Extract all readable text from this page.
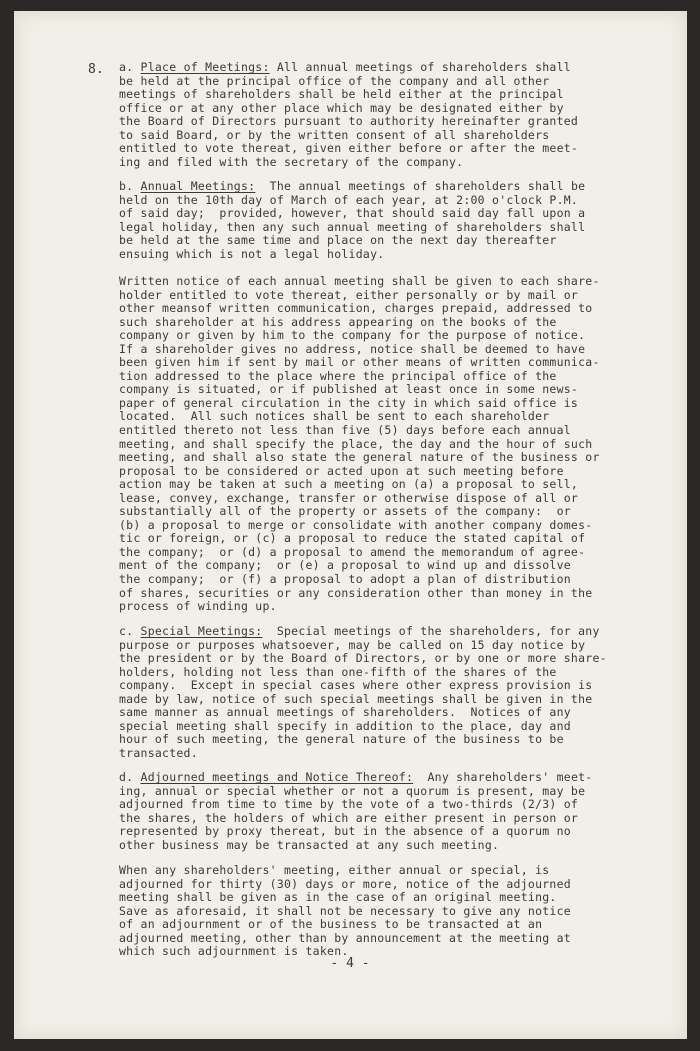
8. a. Place of Meetings: All annual meetings of shareholders shall
be held at the principal office of the company and all other
meetings of shareholders shall be held either at the principal
office or at any other place which may be designated either by
the Board of Directors pursuant to authority hereinafter granted
to said Board, or by the written consent of all shareholders
entitled to vote thereat, given either before or after the meet-
ing and filed with the secretary of the company.

b. Annual Meetings:  The annual meetings of shareholders shall be
held on the 10th day of March of each year, at 2:00 o'clock P.M.
of said day;  provided, however, that should said day fall upon a
legal holiday, then any such annual meeting of shareholders shall
be held at the same time and place on the next day thereafter
ensuing which is not a legal holiday.

Written notice of each annual meeting shall be given to each share-
holder entitled to vote thereat, either personally or by mail or
other meansof written communication, charges prepaid, addressed to
such shareholder at his address appearing on the books of the
company or given by him to the company for the purpose of notice.
If a shareholder gives no address, notice shall be deemed to have
been given him if sent by mail or other means of written communica-
tion addressed to the place where the principal office of the
company is situated, or if published at least once in some news-
paper of general circulation in the city in which said office is
located.  All such notices shall be sent to each shareholder
entitled thereto not less than five (5) days before each annual
meeting, and shall specify the place, the day and the hour of such
meeting, and shall also state the general nature of the business or
proposal to be considered or acted upon at such meeting before
action may be taken at such a meeting on (a) a proposal to sell,
lease, convey, exchange, transfer or otherwise dispose of all or
substantially all of the property or assets of the company:  or
(b) a proposal to merge or consolidate with another company domes-
tic or foreign, or (c) a proposal to reduce the stated capital of
the company;  or (d) a proposal to amend the memorandum of agree-
ment of the company;  or (e) a proposal to wind up and dissolve
the company;  or (f) a proposal to adopt a plan of distribution
of shares, securities or any consideration other than money in the
process of winding up.

c. Special Meetings:  Special meetings of the shareholders, for any
purpose or purposes whatsoever, may be called on 15 day notice by
the president or by the Board of Directors, or by one or more share-
holders, holding not less than one-fifth of the shares of the
company.  Except in special cases where other express provision is
made by law, notice of such special meetings shall be given in the
same manner as annual meetings of shareholders.  Notices of any
special meeting shall specify in addition to the place, day and
hour of such meeting, the general nature of the business to be
transacted.

d. Adjourned meetings and Notice Thereof:  Any shareholders' meet-
ing, annual or special whether or not a quorum is present, may be
adjourned from time to time by the vote of a two-thirds (2/3) of
the shares, the holders of which are either present in person or
represented by proxy thereat, but in the absence of a quorum no
other business may be transacted at any such meeting.

When any shareholders' meeting, either annual or special, is
adjourned for thirty (30) days or more, notice of the adjourned
meeting shall be given as in the case of an original meeting.
Save as aforesaid, it shall not be necessary to give any notice
of an adjournment or of the business to be transacted at an
adjourned meeting, other than by announcement at the meeting at
which such adjournment is taken.

- 4 -
